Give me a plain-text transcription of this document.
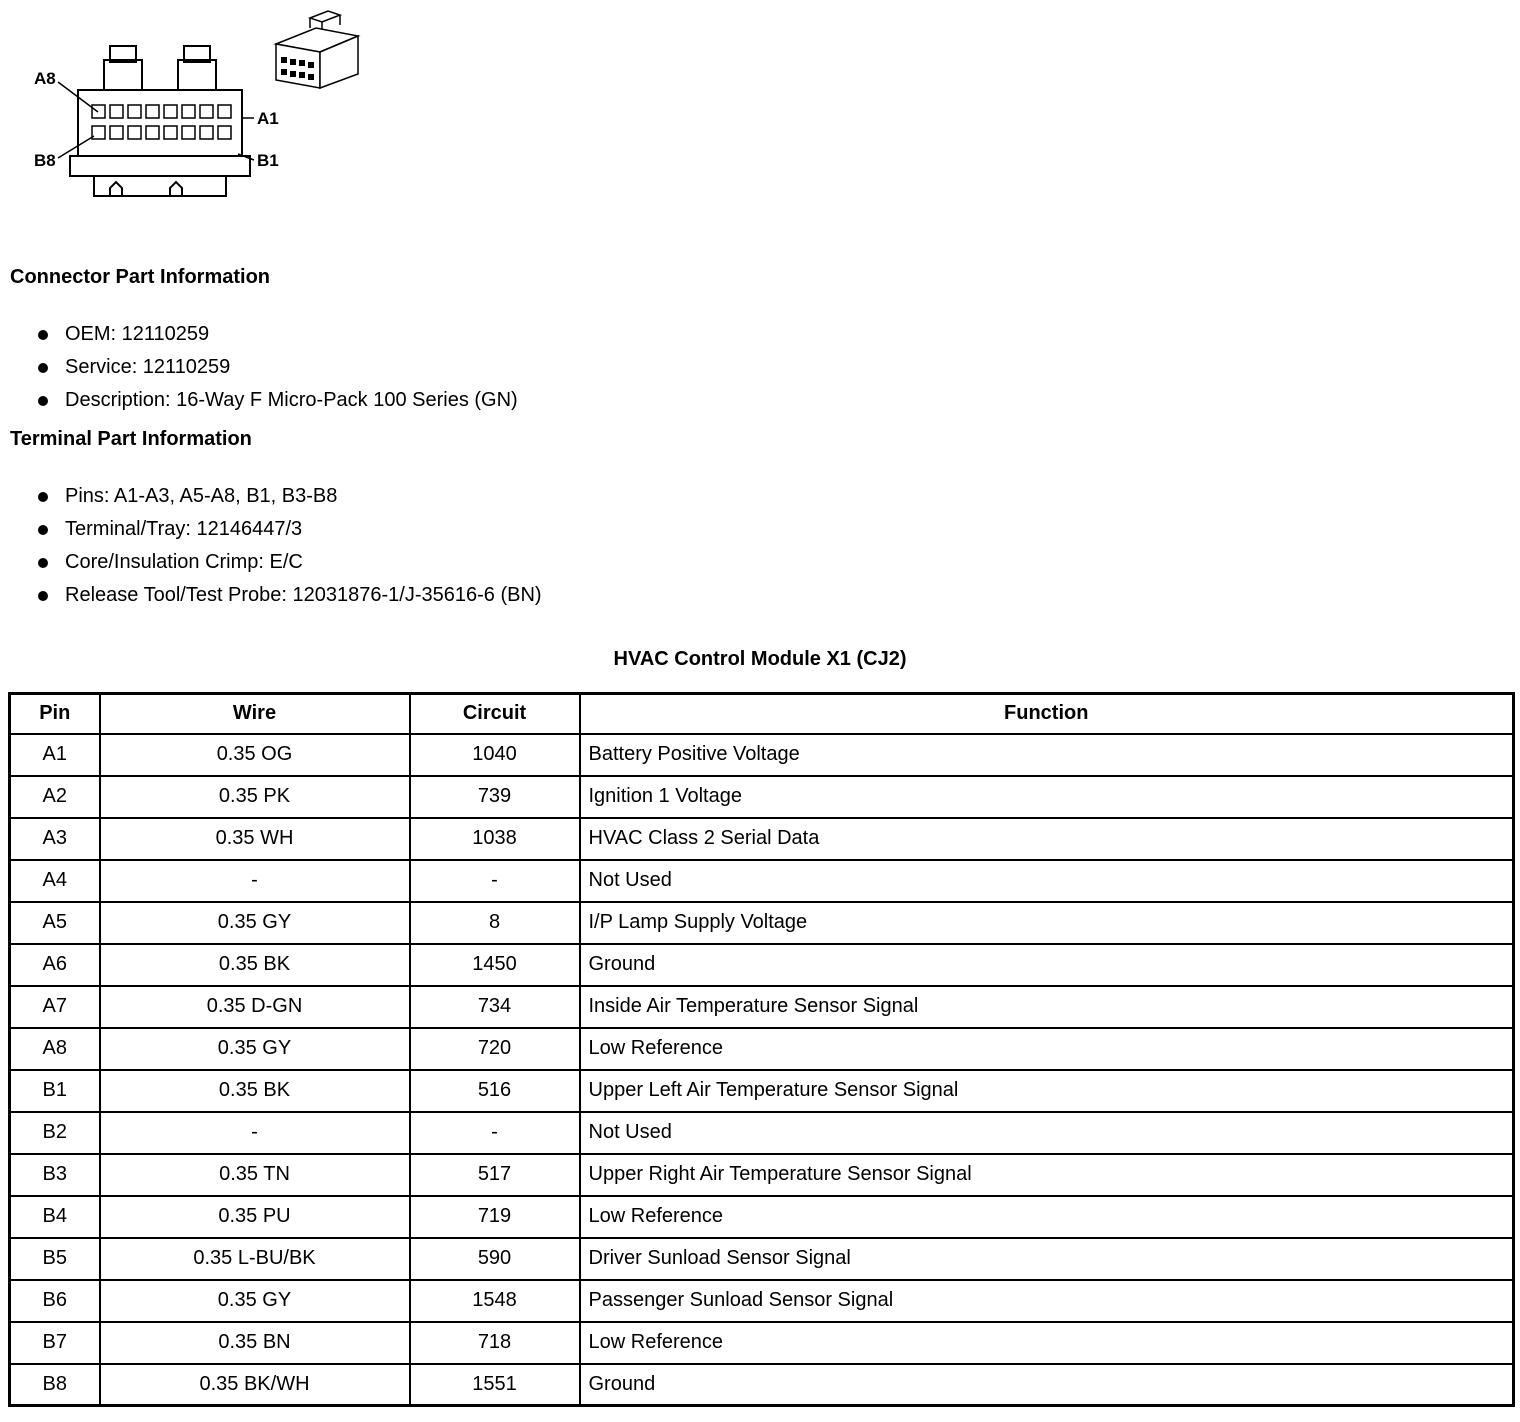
A8
A1
B8	B1
Connector Part Information
OEM: 12110259
Service: 12110259
Description: 16-Way F Micro-Pack 100 Series (GN)
Terminal Part Information
Pins: A1-A3, A5-A8, B1, B3-B8
Terminal/Tray: 12146447/3
Core/Insulation Crimp: E/C
Release Tool/Test Probe: 12031876-1/J-35616-6 (BN)
HVAC Control Module X1 (CJ2)
Pin	Wire	Circuit	Function
A1	0.35 OG	1040	Battery Positive Voltage
A2	0.35 PK	739	Ignition 1 Voltage
A3	0.35 WH	1038	HVAC Class 2 Serial Data
A4	-	-	Not Used
A5	0.35 GY	8	I/P Lamp Supply Voltage
A6	0.35 BK	1450	Ground
A7	0.35 D-GN	734	Inside Air Temperature Sensor Signal
A8	0.35 GY	720	Low Reference
B1	0.35 BK	516	Upper Left Air Temperature Sensor Signal
B2	-	-	Not Used
B3	0.35 TN	517	Upper Right Air Temperature Sensor Signal
B4	0.35 PU	719	Low Reference
B5	0.35 L-BU/BK	590	Driver Sunload Sensor Signal
B6	0.35 GY	1548	Passenger Sunload Sensor Signal
B7	0.35 BN	718	Low Reference
B8	0.35 BK/WH	1551	Ground
